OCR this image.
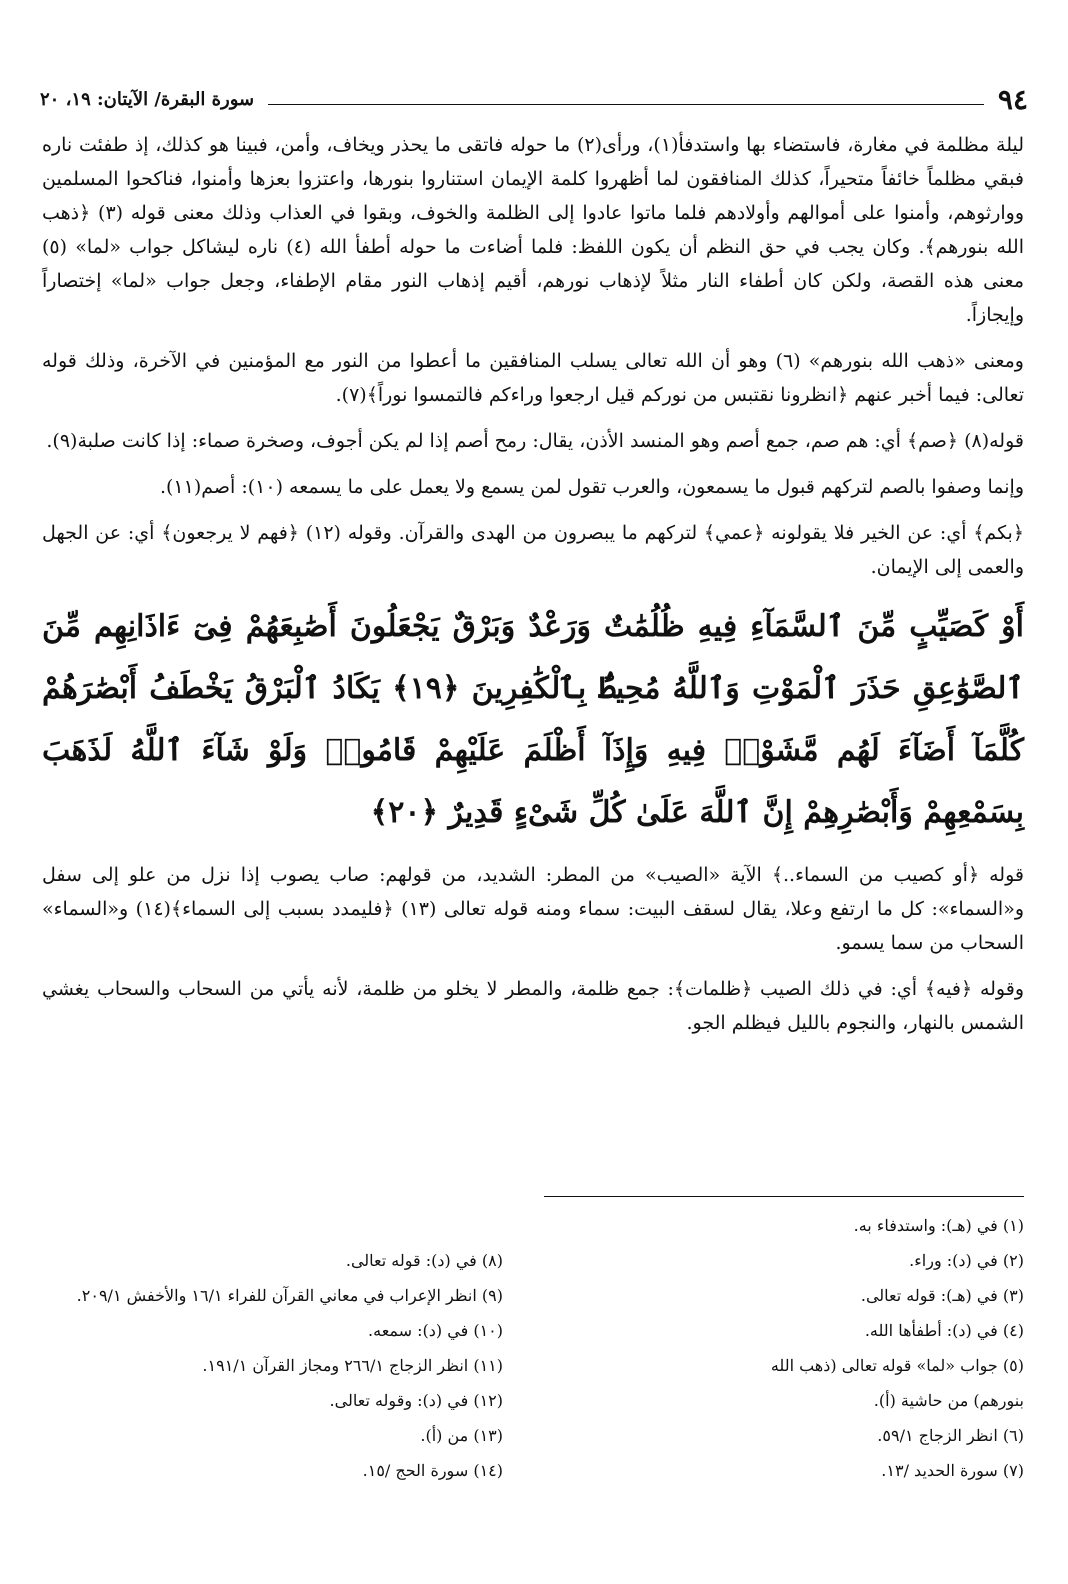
٩٤
سورة البقرة/ الآيتان: ١٩، ٢٠

ليلة مظلمة في مغارة، فاستضاء بها واستدفأ(١)، ورأى(٢) ما حوله فاتقى ما يحذر ويخاف، وأمن، فبينا هو كذلك، إذ طفئت ناره فبقي مظلماً خائفاً متحيراً، كذلك المنافقون لما أظهروا كلمة الإيمان استناروا بنورها، واعتزوا بعزها وأمنوا، فناكحوا المسلمين ووارثوهم، وأمنوا على أموالهم وأولادهم فلما ماتوا عادوا إلى الظلمة والخوف، وبقوا في العذاب وذلك معنى قوله (٣) ﴿ذهب الله بنورهم﴾. وكان يجب في حق النظم أن يكون اللفظ: فلما أضاءت ما حوله أطفأ الله (٤) ناره ليشاكل جواب «لما» (٥) معنى هذه القصة، ولكن كان أطفاء النار مثلاً لإذهاب نورهم، أقيم إذهاب النور مقام الإطفاء، وجعل جواب «لما» إختصاراً وإيجازاً.

ومعنى «ذهب الله بنورهم» (٦) وهو أن الله تعالى يسلب المنافقين ما أعطوا من النور مع المؤمنين في الآخرة، وذلك قوله تعالى: فيما أخبر عنهم ﴿انظرونا نقتبس من نوركم قيل ارجعوا وراءكم فالتمسوا نوراً﴾(٧).

قوله(٨) ﴿صم﴾ أي: هم صم، جمع أصم وهو المنسد الأذن، يقال: رمح أصم إذا لم يكن أجوف، وصخرة صماء: إذا كانت صلبة(٩).

وإنما وصفوا بالصم لتركهم قبول ما يسمعون، والعرب تقول لمن يسمع ولا يعمل على ما يسمعه (١٠): أصم(١١).

﴿بكم﴾ أي: عن الخير فلا يقولونه ﴿عمي﴾ لتركهم ما يبصرون من الهدى والقرآن. وقوله (١٢) ﴿فهم لا يرجعون﴾ أي: عن الجهل والعمى إلى الإيمان.

أَوْ كَصَيِّبٍ مِّنَ ٱلسَّمَآءِ فِيهِ ظُلُمَٰتٌ وَرَعْدٌ وَبَرْقٌ يَجْعَلُونَ أَصَٰبِعَهُمْ فِىٓ ءَاذَانِهِم مِّنَ ٱلصَّوَٰعِقِ حَذَرَ ٱلْمَوْتِ وَٱللَّهُ مُحِيطٌۢ بِٱلْكَٰفِرِينَ ﴿١٩﴾ يَكَادُ ٱلْبَرْقُ يَخْطَفُ أَبْصَٰرَهُمْ كُلَّمَآ أَضَآءَ لَهُم مَّشَوْا۟ فِيهِ وَإِذَآ أَظْلَمَ عَلَيْهِمْ قَامُوا۟ وَلَوْ شَآءَ ٱللَّهُ لَذَهَبَ بِسَمْعِهِمْ وَأَبْصَٰرِهِمْ إِنَّ ٱللَّهَ عَلَىٰ كُلِّ شَىْءٍ قَدِيرٌ ﴿٢٠﴾

قوله ﴿أو كصيب من السماء..﴾ الآية «الصيب» من المطر: الشديد، من قولهم: صاب يصوب إذا نزل من علو إلى سفل و«السماء»: كل ما ارتفع وعلا، يقال لسقف البيت: سماء ومنه قوله تعالى (١٣) ﴿فليمدد بسبب إلى السماء﴾(١٤) و«السماء» السحاب من سما يسمو.

وقوله ﴿فيه﴾ أي: في ذلك الصيب ﴿ظلمات﴾: جمع ظلمة، والمطر لا يخلو من ظلمة، لأنه يأتي من السحاب والسحاب يغشي الشمس بالنهار، والنجوم بالليل فيظلم الجو.

(١) في (هـ): واستدفاء به.
(٢) في (د): وراء.
(٣) في (هـ): قوله تعالى.
(٤) في (د): أطفأها الله.
(٥) جواب «لما» قوله تعالى (ذهب الله
بنورهم) من حاشية (أ).
(٦) انظر الزجاج ٥٩/١.
(٧) سورة الحديد /١٣.
(٨) في (د): قوله تعالى.
(٩) انظر الإعراب في معاني القرآن للفراء ١٦/١ والأخفش ٢٠٩/١.
(١٠) في (د): سمعه.
(١١) انظر الزجاج ٢٦٦/١ ومجاز القرآن ١٩١/١.
(١٢) في (د): وقوله تعالى.
(١٣) من (أ).
(١٤) سورة الحج /١٥.
